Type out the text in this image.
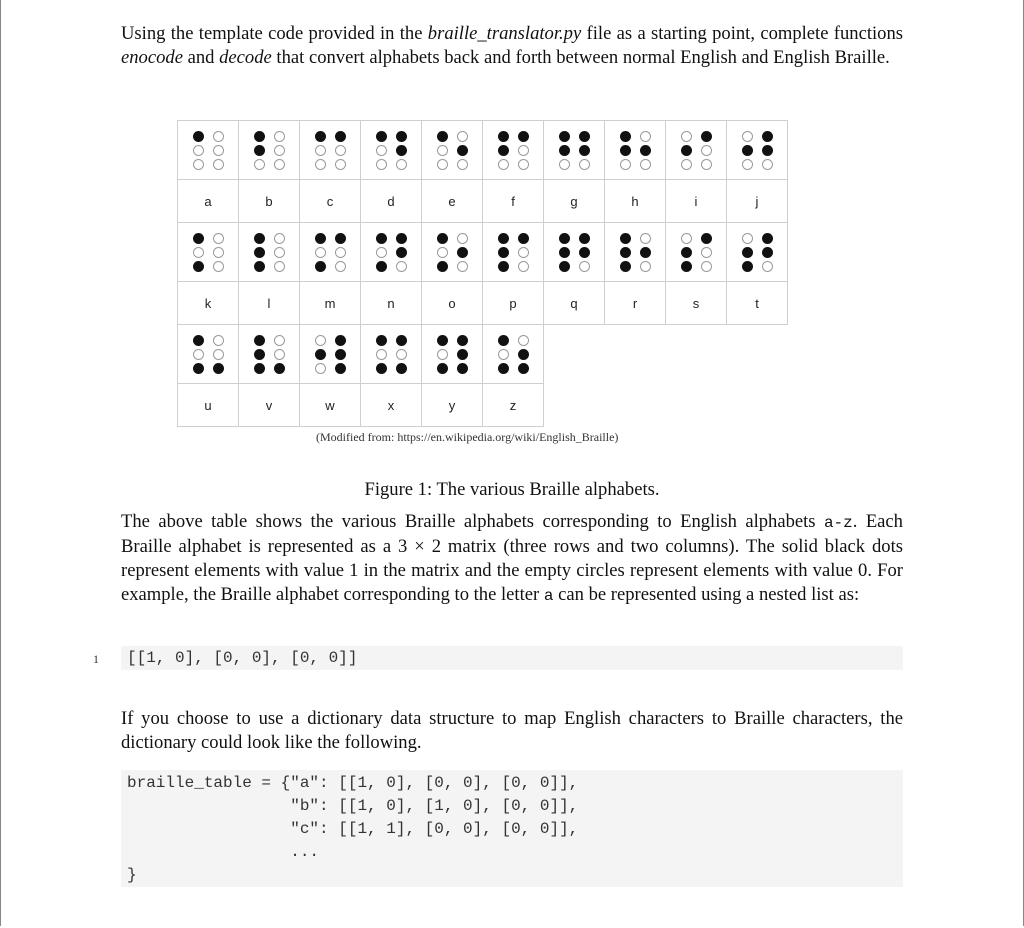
Using the template code provided in the braille_translator.py file as a starting point, complete functions enocode and decode that convert alphabets back and forth between normal English and English Braille.

a	b	c	d	e	f	g	h	i	j

k	l	m	n	o	p	q	r	s	t

u	v	w	x	y	z				
(Modified from: https://en.wikipedia.org/wiki/English_Braille)
Figure 1: The various Braille alphabets.
The above table shows the various Braille alphabets corresponding to English alphabets a-z. Each Braille alphabet is represented as a 3 × 2 matrix (three rows and two columns). The solid black dots represent elements with value 1 in the matrix and the empty circles represent elements with value 0. For example, the Braille alphabet corresponding to the letter a can be represented using a nested list as:
1	[[1, 0], [0, 0], [0, 0]]
If you choose to use a dictionary data structure to map English characters to Braille characters, the dictionary could look like the following.
braille_table = {"a": [[1, 0], [0, 0], [0, 0]],
"b": [[1, 0], [1, 0], [0, 0]],
"c": [[1, 1], [0, 0], [0, 0]],
...
}
